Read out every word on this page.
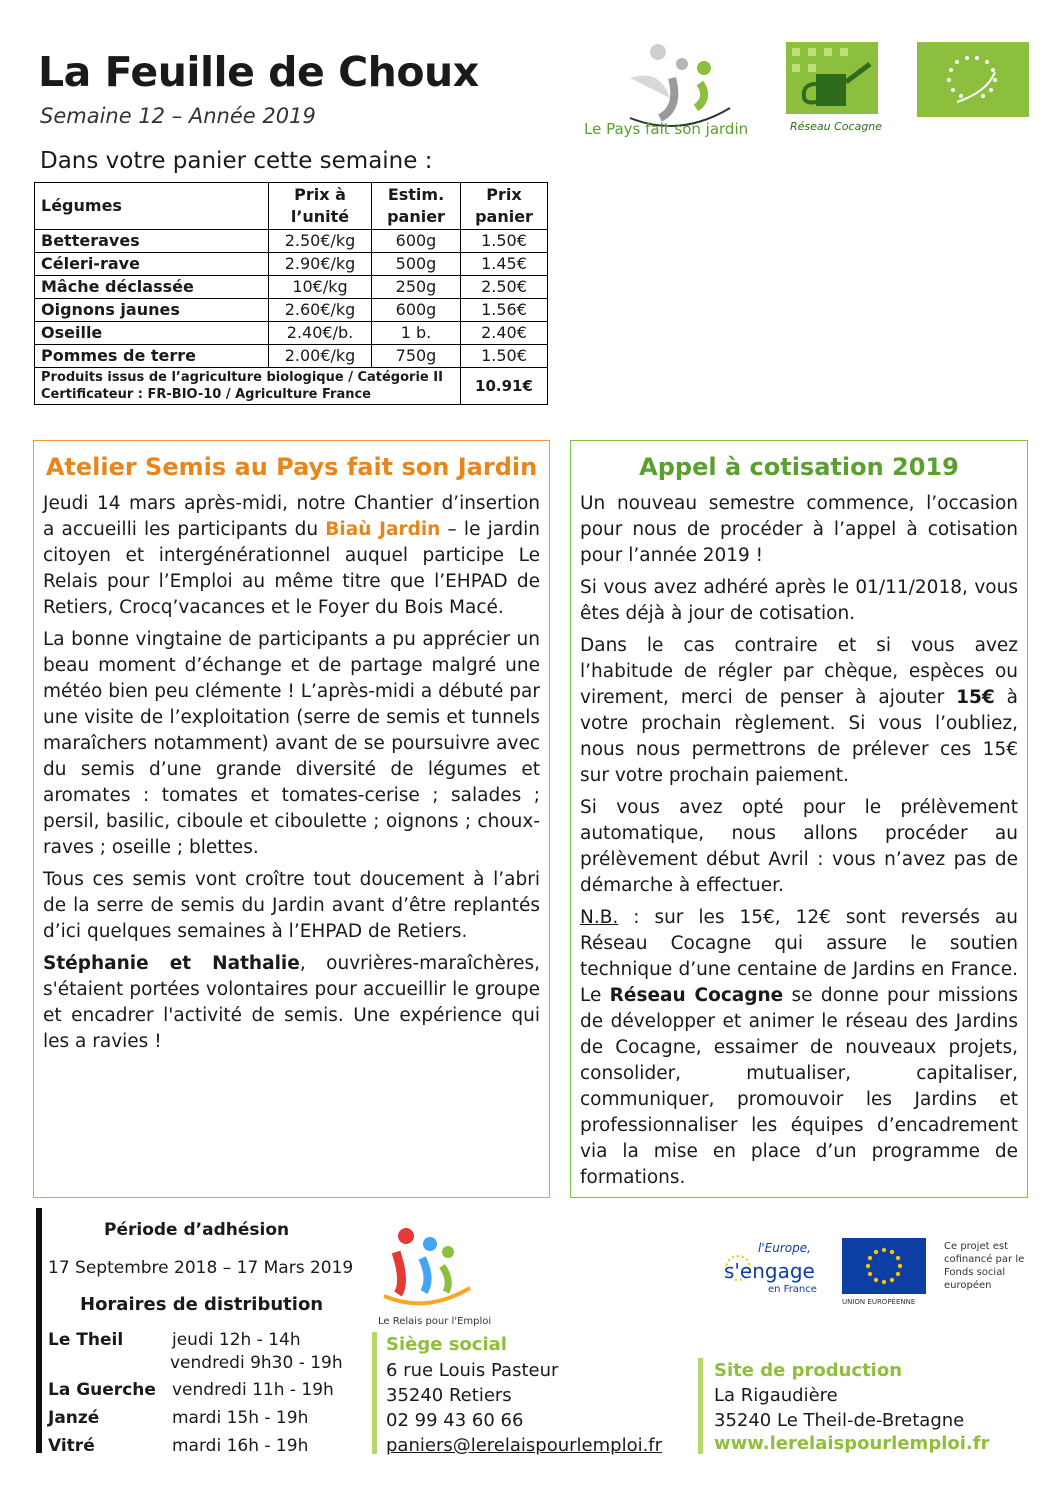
La Feuille de Choux
Semaine 12 – Année 2019
Dans votre panier cette semaine :
Le Pays fait son jardin	Réseau Cocagne
Légumes	Prix à l’unité	Estim. panier	Prix panier
Betteraves	2.50€/kg	600g	1.50€
Céleri-rave	2.90€/kg	500g	1.45€
Mâche déclassée	10€/kg	250g	2.50€
Oignons jaunes	2.60€/kg	600g	1.56€
Oseille	2.40€/b.	1 b.	2.40€
Pommes de terre	2.00€/kg	750g	1.50€
Produits issus de l’agriculture biologique / Catégorie II
Certificateur : FR-BIO-10 / Agriculture France			10.91€
Atelier Semis au Pays fait son Jardin

Jeudi 14 mars après-midi, notre Chantier d’insertion a accueilli les participants du Biaù Jardin – le jardin citoyen et intergénérationnel auquel participe Le Relais pour l’Emploi au même titre que l’EHPAD de Retiers, Crocq’vacances et le Foyer du Bois Macé.

La bonne vingtaine de participants a pu apprécier un beau moment d’échange et de partage malgré une météo bien peu clémente ! L’après-midi a débuté par une visite de l’exploitation (serre de semis et tunnels maraîchers notamment) avant de se poursuivre avec du semis d’une grande diversité de légumes et aromates : tomates et tomates-cerise ; salades ; persil, basilic, ciboule et ciboulette ; oignons ; choux-raves ; oseille ; blettes.

Tous ces semis vont croître tout doucement à l’abri de la serre de semis du Jardin avant d’être replantés d’ici quelques semaines à l’EHPAD de Retiers.

Stéphanie et Nathalie, ouvrières-maraîchères, s'étaient portées volontaires pour accueillir le groupe et encadrer l'activité de semis. Une expérience qui les a ravies !

Appel à cotisation 2019

Un nouveau semestre commence, l’occasion pour nous de procéder à l’appel à cotisation pour l’année 2019 !

Si vous avez adhéré après le 01/11/2018, vous êtes déjà à jour de cotisation.

Dans le cas contraire et si vous avez l’habitude de régler par chèque, espèces ou virement, merci de penser à ajouter 15€ à votre prochain règlement. Si vous l’oubliez, nous nous permettrons de prélever ces 15€ sur votre prochain paiement.

Si vous avez opté pour le prélèvement automatique, nous allons procéder au prélèvement début Avril : vous n’avez pas de démarche à effectuer.

N.B. : sur les 15€, 12€ sont reversés au Réseau Cocagne qui assure le soutien technique d’une centaine de Jardins en France. Le Réseau Cocagne se donne pour missions de développer et animer le réseau des Jardins de Cocagne, essaimer de nouveaux projets, consolider, mutualiser, capitaliser, communiquer, promouvoir les Jardins et professionnaliser les équipes d’encadrement via la mise en place d’un programme de formations.

Période d’adhésion
17 Septembre 2018 – 17 Mars 2019
Horaires de distribution
Le Theil	jeudi 12h - 14h
vendredi 9h30 - 19h
La Guerche vendredi 11h - 19h
Janzé	mardi 15h - 19h
Vitré	mardi 16h - 19h
Le Relais pour l'Emploi
Siège social
6 rue Louis Pasteur
35240 Retiers
02 99 43 60 66
paniers@lerelaispourlemploi.fr
Site de production
La Rigaudière
35240 Le Theil-de-Bretagne
www.lerelaispourlemploi.fr
l'Europe,
s'engage
en France
UNION EUROPÉENNE
Ce projet est cofinancé par le Fonds social européen
